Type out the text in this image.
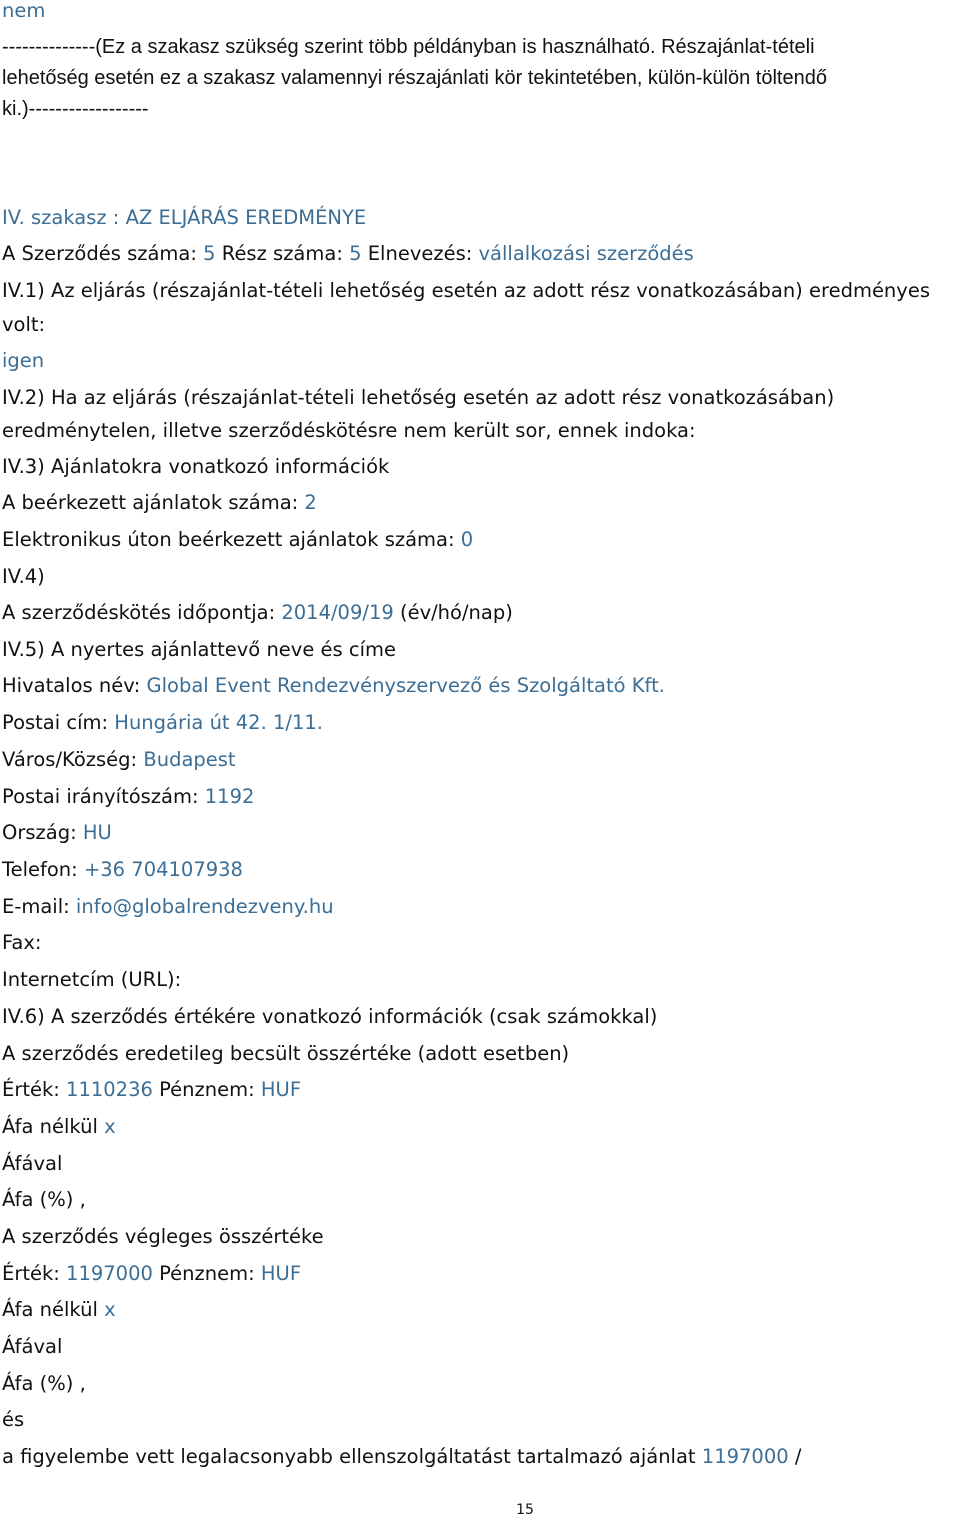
nem
--------------(Ez a szakasz szükség szerint több példányban is használható. Részajánlat-tételi
lehetőség esetén ez a szakasz valamennyi részajánlati kör tekintetében, külön-külön töltendő
ki.)------------------
IV. szakasz : AZ ELJÁRÁS EREDMÉNYE
A Szerződés száma: 5 Rész száma: 5 Elnevezés: vállalkozási szerződés
IV.1) Az eljárás (részajánlat-tételi lehetőség esetén az adott rész vonatkozásában) eredményes
volt:
igen
IV.2) Ha az eljárás (részajánlat-tételi lehetőség esetén az adott rész vonatkozásában)
eredménytelen, illetve szerződéskötésre nem került sor, ennek indoka:
IV.3) Ajánlatokra vonatkozó információk
A beérkezett ajánlatok száma: 2
Elektronikus úton beérkezett ajánlatok száma: 0
IV.4)
A szerződéskötés időpontja: 2014/09/19 (év/hó/nap)
IV.5) A nyertes ajánlattevő neve és címe
Hivatalos név: Global Event Rendezvényszervező és Szolgáltató Kft.
Postai cím: Hungária út 42. 1/11.
Város/Község: Budapest
Postai irányítószám: 1192
Ország: HU
Telefon: +36 704107938
E-mail: info@globalrendezveny.hu
Fax:
Internetcím (URL):
IV.6) A szerződés értékére vonatkozó információk (csak számokkal)
A szerződés eredetileg becsült összértéke (adott esetben)
Érték: 1110236 Pénznem: HUF
Áfa nélkül x
Áfával
Áfa (%) ,
A szerződés végleges összértéke
Érték: 1197000 Pénznem: HUF
Áfa nélkül x
Áfával
Áfa (%) ,
és
a figyelembe vett legalacsonyabb ellenszolgáltatást tartalmazó ajánlat 1197000 /
15
